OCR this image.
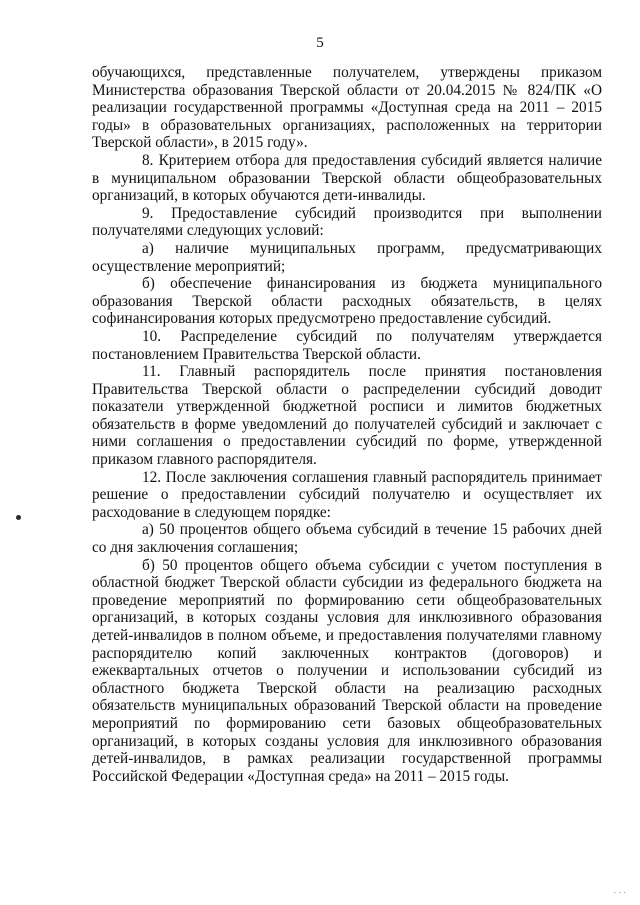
5

обучающихся, представленные получателем, утверждены приказом Министерства образования Тверской области от 20.04.2015 № 824/ПК «О реализации государственной программы «Доступная среда на 2011 – 2015 годы» в образовательных организациях, расположенных на территории Тверской области», в 2015 году».

8. Критерием отбора для предоставления субсидий является наличие в муниципальном образовании Тверской области общеобразовательных организаций, в которых обучаются дети-инвалиды.

9. Предоставление субсидий производится при выполнении получателями следующих условий:

а) наличие муниципальных программ, предусматривающих осуществление мероприятий;

б) обеспечение финансирования из бюджета муниципального образования Тверской области расходных обязательств, в целях софинансирования которых предусмотрено предоставление субсидий.

10. Распределение субсидий по получателям утверждается постановлением Правительства Тверской области.

11. Главный распорядитель после принятия постановления Правительства Тверской области о распределении субсидий доводит показатели утвержденной бюджетной росписи и лимитов бюджетных обязательств в форме уведомлений до получателей субсидий и заключает с ними соглашения о предоставлении субсидий по форме, утвержденной приказом главного распорядителя.

12. После заключения соглашения главный распорядитель принимает решение о предоставлении субсидий получателю и осуществляет их расходование в следующем порядке:

а) 50 процентов общего объема субсидий в течение 15 рабочих дней со дня заключения соглашения;

б) 50 процентов общего объема субсидии с учетом поступления в областной бюджет Тверской области субсидии из федерального бюджета на проведение мероприятий по формированию сети общеобразовательных организаций, в которых созданы условия для инклюзивного образования детей-инвалидов в полном объеме, и предоставления получателями главному распорядителю копий заключенных контрактов (договоров) и ежеквартальных отчетов о получении и использовании субсидий из областного бюджета Тверской области на реализацию расходных обязательств муниципальных образований Тверской области на проведение мероприятий по формированию сети базовых общеобразовательных организаций, в которых созданы условия для инклюзивного образования детей-инвалидов, в рамках реализации государственной программы Российской Федерации «Доступная среда» на 2011 – 2015 годы.

· · ·
